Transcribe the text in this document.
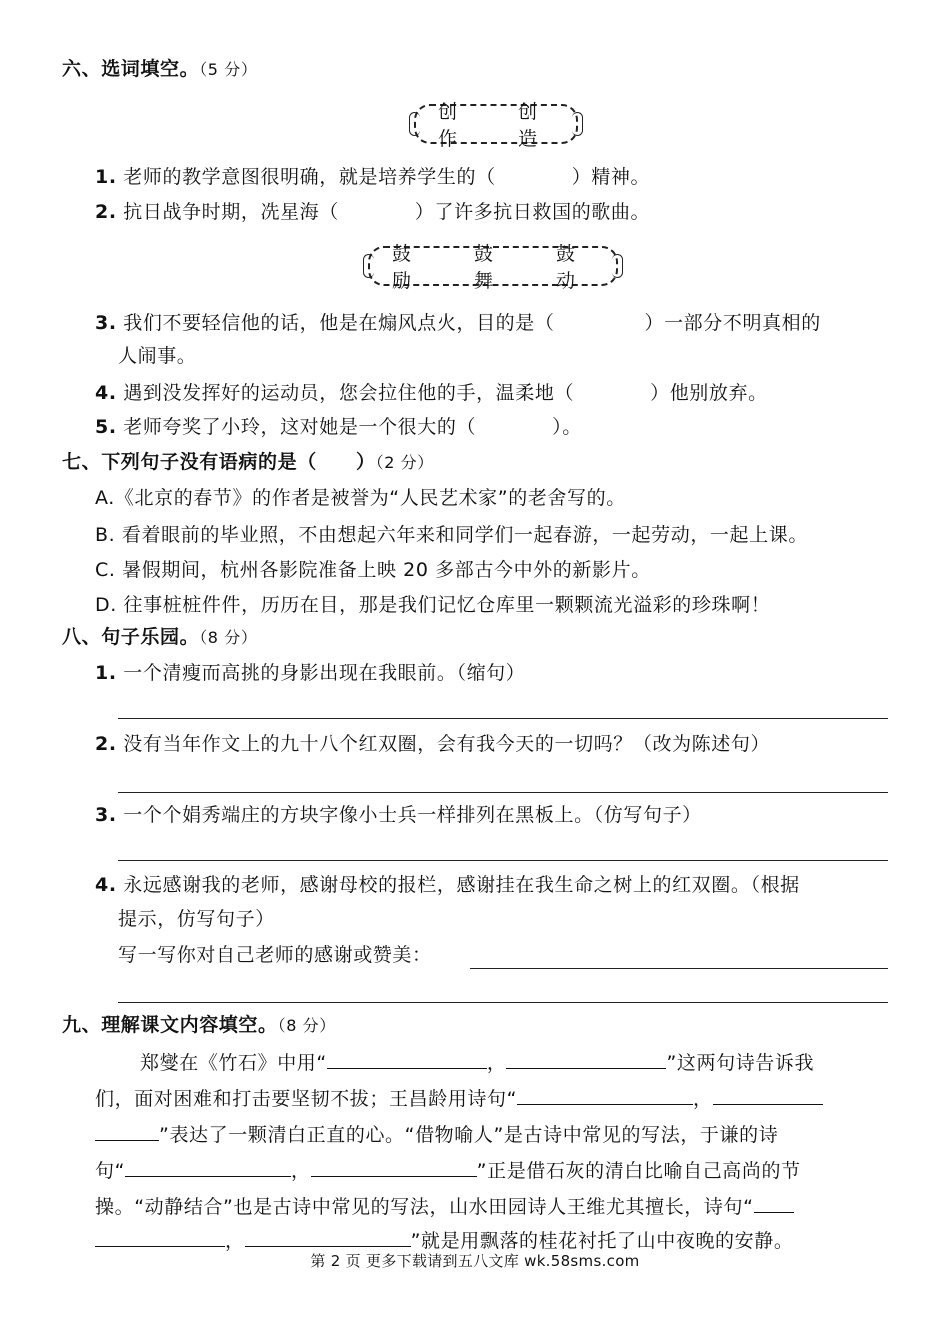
六、选词填空。（5 分）
创作
创造
1. 老师的教学意图很明确，就是培养学生的（	）精神。
2. 抗日战争时期，冼星海（	）了许多抗日救国的歌曲。
鼓励
鼓舞
鼓动
3. 我们不要轻信他的话，他是在煽风点火，目的是（	）一部分不明真相的
人闹事。
4. 遇到没发挥好的运动员，您会拉住他的手，温柔地（	）他别放弃。
5. 老师夸奖了小玲，这对她是一个很大的（	）。
七、下列句子没有语病的是（　　）（2 分）
A.《北京的春节》的作者是被誉为“人民艺术家”的老舍写的。
B. 看着眼前的毕业照，不由想起六年来和同学们一起春游，一起劳动，一起上课。
C. 暑假期间，杭州各影院准备上映 20 多部古今中外的新影片。
D. 往事桩桩件件，历历在目，那是我们记忆仓库里一颗颗流光溢彩的珍珠啊！
八、句子乐园。（8 分）
1. 一个清瘦而高挑的身影出现在我眼前。（缩句）
2. 没有当年作文上的九十八个红双圈，会有我今天的一切吗？（改为陈述句）
3. 一个个娟秀端庄的方块字像小士兵一样排列在黑板上。（仿写句子）
4. 永远感谢我的老师，感谢母校的报栏，感谢挂在我生命之树上的红双圈。（根据
提示，仿写句子）
写一写你对自己老师的感谢或赞美：
九、理解课文内容填空。（8 分）
郑燮在《竹石》中用“	，	”这两句诗告诉我
们，面对困难和打击要坚韧不拔；王昌龄用诗句“	，
”表达了一颗清白正直的心。“借物喻人”是古诗中常见的写法，于谦的诗
句“	，	”正是借石灰的清白比喻自己高尚的节
操。“动静结合”也是古诗中常见的写法，山水田园诗人王维尤其擅长，诗句“
，	”就是用飘落的桂花衬托了山中夜晚的安静。
第 2 页 更多下载请到五八文库 wk.58sms.com
